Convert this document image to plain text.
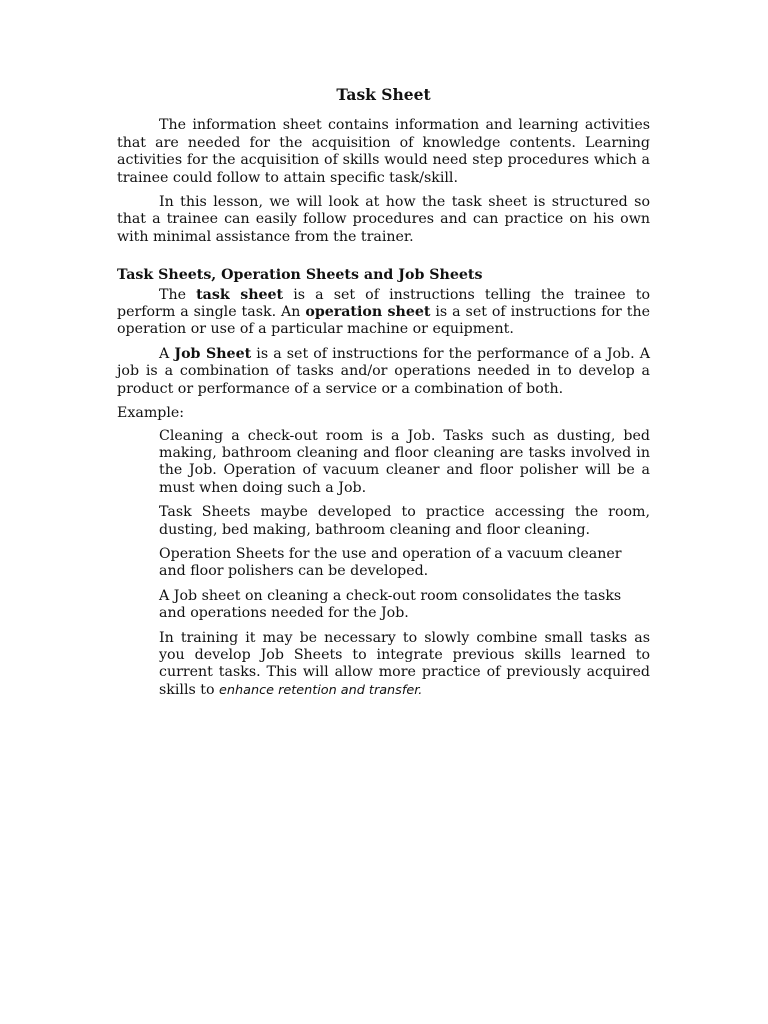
Task Sheet

The information sheet contains information and learning activities that are needed for the acquisition of knowledge contents. Learning activities for the acquisition of skills would need step procedures which a trainee could follow to attain specific task/skill.

In this lesson, we will look at how the task sheet is structured so that a trainee can easily follow procedures and can practice on his own with minimal assistance from the trainer.

Task Sheets, Operation Sheets and Job Sheets

The task sheet is a set of instructions telling the trainee to perform a single task. An operation sheet is a set of instructions for the operation or use of a particular machine or equipment.

A Job Sheet is a set of instructions for the performance of a Job. A job is a combination of tasks and/or operations needed in to develop a product or performance of a service or a combination of both.

Example:

Cleaning a check-out room is a Job. Tasks such as dusting, bed making, bathroom cleaning and floor cleaning are tasks involved in the Job. Operation of vacuum cleaner and floor polisher will be a must when doing such a Job.

Task Sheets maybe developed to practice accessing the room, dusting, bed making, bathroom cleaning and floor cleaning.

Operation Sheets for the use and operation of a vacuum cleaner and floor polishers can be developed.

A Job sheet on cleaning a check-out room consolidates the tasks and operations needed for the Job.

In training it may be necessary to slowly combine small tasks as you develop Job Sheets to integrate previous skills learned to current tasks. This will allow more practice of previously acquired skills to enhance retention and transfer.
